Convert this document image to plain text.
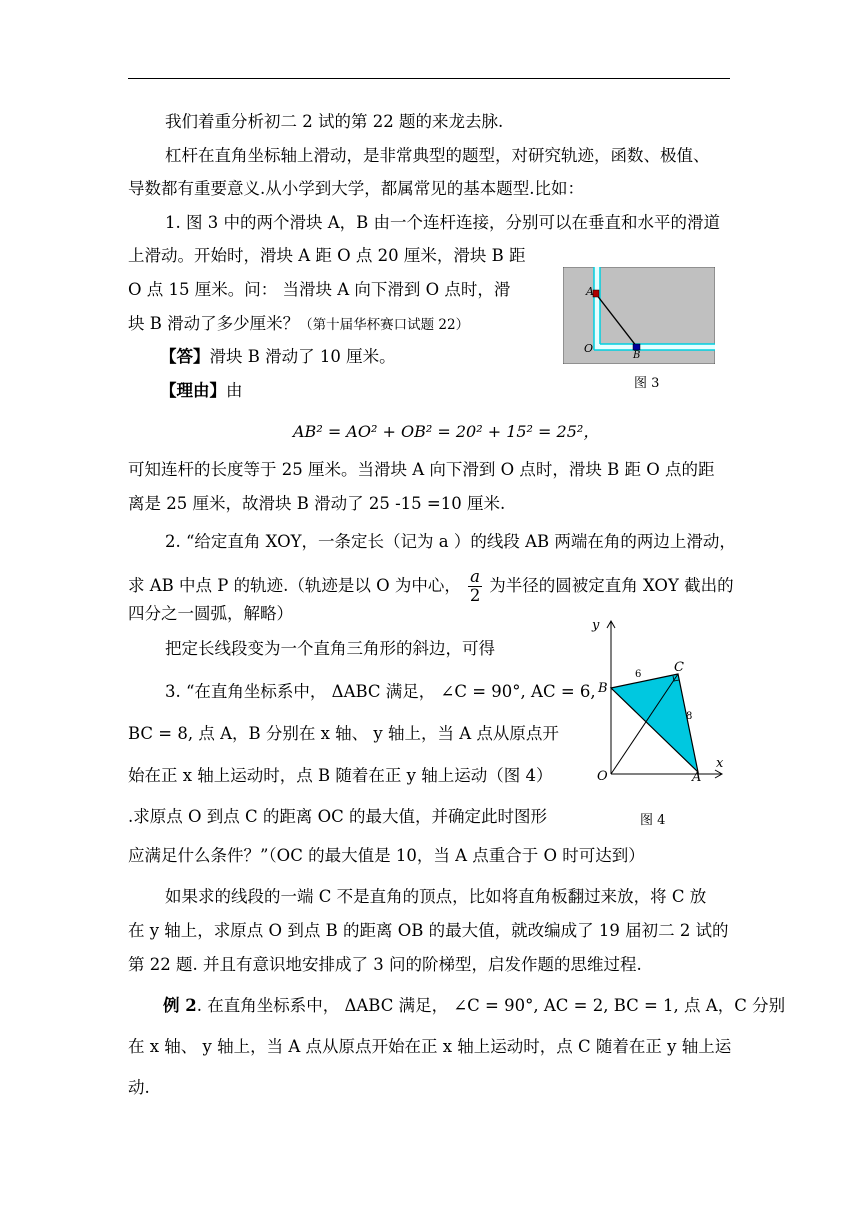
我们着重分析初二 2 试的第 22 题的来龙去脉.
杠杆在直角坐标轴上滑动，是非常典型的题型，对研究轨迹，函数、极值、
导数都有重要意义.从小学到大学，都属常见的基本题型.比如：
1. 图 3 中的两个滑块 A，B 由一个连杆连接，分别可以在垂直和水平的滑道
上滑动。开始时，滑块 A 距 O 点 20 厘米，滑块 B 距
O 点 15 厘米。问： 当滑块 A 向下滑到 O 点时，滑
块 B 滑动了多少厘米？（第十届华杯赛口试题 22）
【答】滑块 B 滑动了 10 厘米。
【理由】由
AB² = AO² + OB² = 20² + 15² = 25²，
可知连杆的长度等于 25 厘米。当滑块 A 向下滑到 O 点时，滑块 B 距 O 点的距
离是 25 厘米，故滑块 B 滑动了 25 -15 =10 厘米.
A
O
B
图 3
2. “给定直角 XOY，一条定长（记为 a ）的线段 AB 两端在角的两边上滑动，
求 AB 中点 P 的轨迹.（轨迹是以 O 为中心， $\frac{a}{2}$ 为半径的圆被定直角 XOY 截出的
四分之一圆弧，解略）
把定长线段变为一个直角三角形的斜边，可得
3. “在直角坐标系中， ΔABC 满足， ∠C = 90°, AC = 6,
BC = 8, 点 A，B 分别在 x 轴、 y 轴上，当 A 点从原点开
始在正 x 轴上运动时，点 B 随着在正 y 轴上运动（图 4）
.求原点 O 到点 C 的距离 OC 的最大值，并确定此时图形
应满足什么条件？”（OC 的最大值是 10，当 A 点重合于 O 时可达到）
y
x
O	A
B
C
6
8
图 4
如果求的线段的一端 C 不是直角的顶点，比如将直角板翻过来放，将 C 放
在 y 轴上，求原点 O 到点 B 的距离 OB 的最大值，就改编成了 19 届初二 2 试的
第 22 题. 并且有意识地安排成了 3 问的阶梯型，启发作题的思维过程.
例 2. 在直角坐标系中， ΔABC 满足， ∠C = 90°, AC = 2, BC = 1, 点 A，C 分别
在 x 轴、 y 轴上，当 A 点从原点开始在正 x 轴上运动时，点 C 随着在正 y 轴上运
动.
